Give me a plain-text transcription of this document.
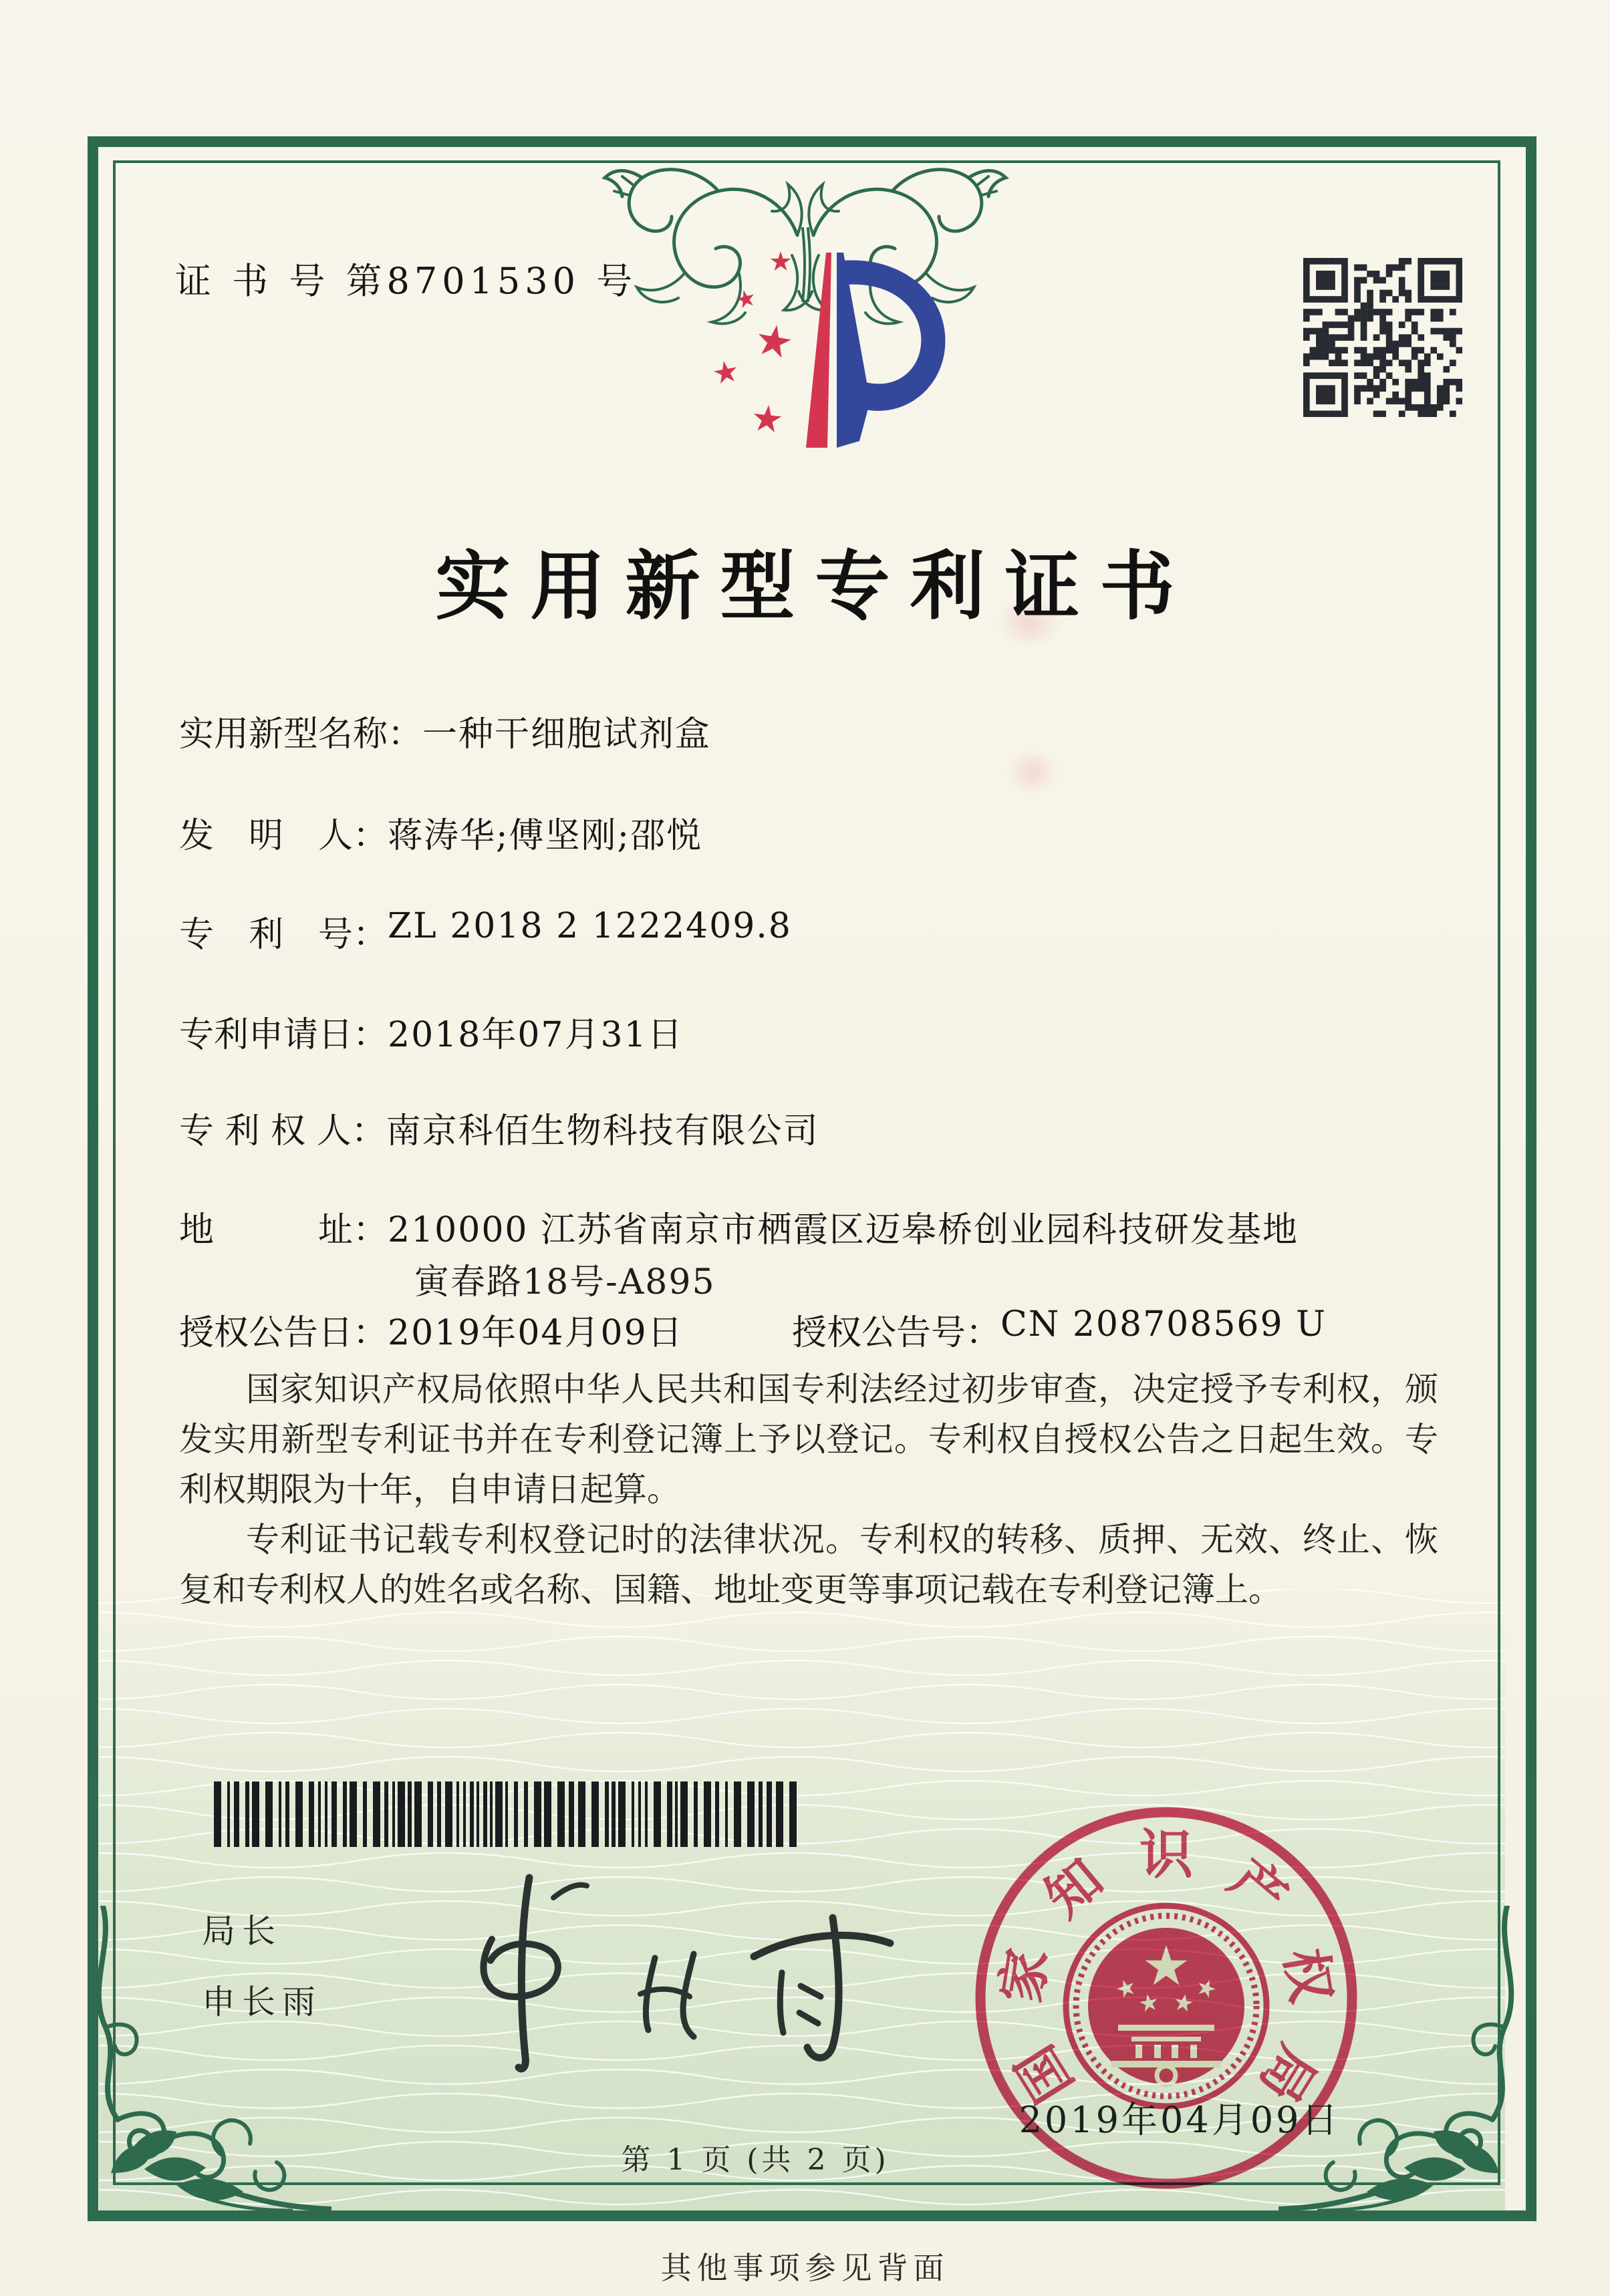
证 书 号 第8701530 号
实用新型专利证书
实用新型名称： 一种干细胞试剂盒
发　明　人： 蒋涛华;傅坚刚;邵悦
专　利　号： ZL 2018 2 1222409.8
专利申请日： 2018年07月31日
专 利 权 人： 南京科佰生物科技有限公司
地　　　址： 210000 江苏省南京市栖霞区迈皋桥创业园科技研发基地
寅春路18号-A895
授权公告日： 2019年04月09日	授权公告号： CN 208708569 U

国家知识产权局依照中华人民共和国专利法经过初步审查，决定授予专利权，颁发实用新型专利证书并在专利登记簿上予以登记。专利权自授权公告之日起生效。专利权期限为十年，自申请日起算。

专利证书记载专利权登记时的法律状况。专利权的转移、质押、无效、终止、恢复和专利权人的姓名或名称、国籍、地址变更等事项记载在专利登记簿上。

局长
申长雨
国
家
知 识 产
权
局
2019年04月09日
第 1 页 (共 2 页)
其他事项参见背面
